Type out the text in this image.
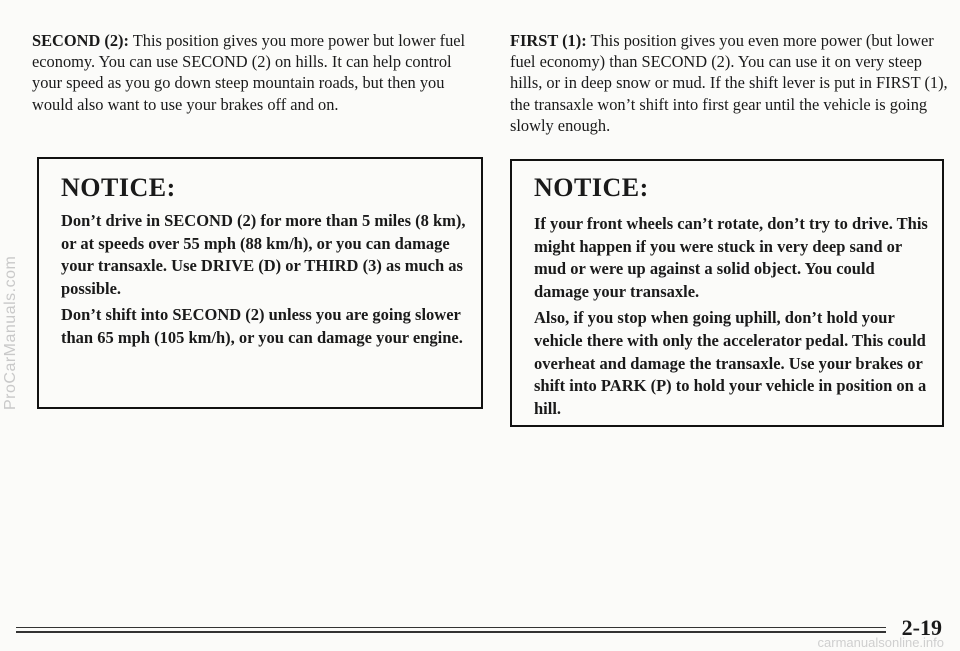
ProCarManuals.com

SECOND (2): This position gives you more power but lower fuel economy. You can use SECOND (2) on hills. It can help control your speed as you go down steep mountain roads, but then you would also want to use your brakes off and on.

FIRST (1): This position gives you even more power (but lower fuel economy) than SECOND (2). You can use it on very steep hills, or in deep snow or mud. If the shift lever is put in FIRST (1), the transaxle won’t shift into first gear until the vehicle is going slowly enough.

NOTICE:

Don’t drive in SECOND (2) for more than 5 miles (8 km), or at speeds over 55 mph (88 km/h), or you can damage your transaxle. Use DRIVE (D) or THIRD (3) as much as possible.

Don’t shift into SECOND (2) unless you are going slower than 65 mph (105 km/h), or you can damage your engine.

NOTICE:

If your front wheels can’t rotate, don’t try to drive. This might happen if you were stuck in very deep sand or mud or were up against a solid object. You could damage your transaxle.

Also, if you stop when going uphill, don’t hold your vehicle there with only the accelerator pedal. This could overheat and damage the transaxle. Use your brakes or shift into PARK (P) to hold your vehicle in position on a hill.

2-19
carmanualsonline.info
